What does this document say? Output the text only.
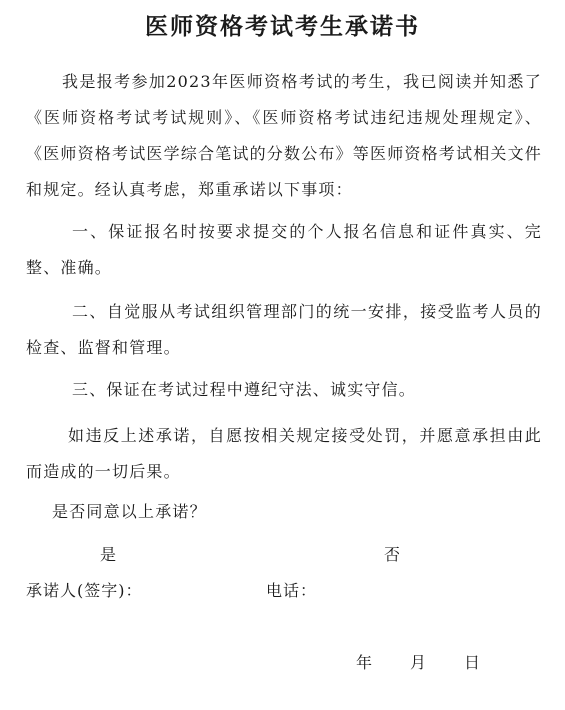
医师资格考试考生承诺书

我是报考参加2023年医师资格考试的考生，我已阅读并知悉了《医师资格考试考试规则》、《医师资格考试违纪违规处理规定》、《医师资格考试医学综合笔试的分数公布》等医师资格考试相关文件和规定。经认真考虑，郑重承诺以下事项：

一、保证报名时按要求提交的个人报名信息和证件真实、完整、准确。

二、自觉服从考试组织管理部门的统一安排，接受监考人员的检查、监督和管理。

三、保证在考试过程中遵纪守法、诚实守信。

如违反上述承诺，自愿按相关规定接受处罚，并愿意承担由此而造成的一切后果。

是否同意以上承诺？

是	否
承诺人(签字)：	电话：
年 月 日
